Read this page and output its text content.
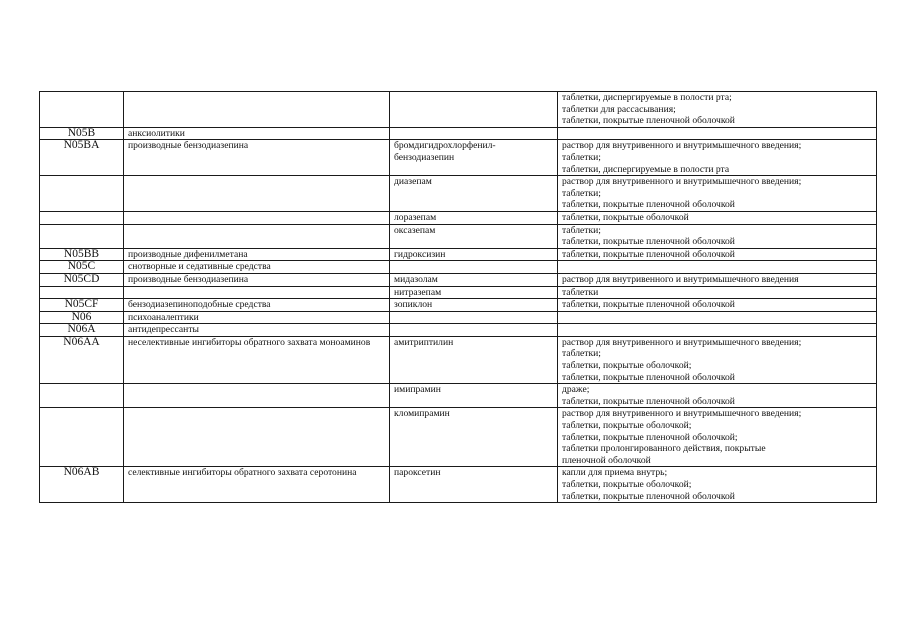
			таблетки, диспергируемые в полости рта;
таблетки для рассасывания;
таблетки, покрытые пленочной оболочкой

N05B	анксиолитики		
N05BA	производные бензодиазепина	бромдигидрохлорфенил-бензодиазепин	раствор для внутривенного и внутримышечного введения;
таблетки;
таблетки, диспергируемые в полости рта

		диазепам	раствор для внутривенного и внутримышечного введения;
таблетки;
таблетки, покрытые пленочной оболочкой

		лоразепам	таблетки, покрытые оболочкой

		оксазепам	таблетки;
таблетки, покрытые пленочной оболочкой

N05BB	производные дифенилметана	гидроксизин	таблетки, покрытые пленочной оболочкой

N05C	снотворные и седативные средства		
N05CD	производные бензодиазепина	мидазолам	раствор для внутривенного и внутримышечного введения

		нитразепам	таблетки

N05CF	бензодиазепиноподобные средства	зопиклон	таблетки, покрытые пленочной оболочкой

N06	психоаналептики		
N06A	антидепрессанты		
N06AA	неселективные ингибиторы обратного захвата моноаминов	амитриптилин	раствор для внутривенного и внутримышечного введения;
таблетки;
таблетки, покрытые оболочкой;
таблетки, покрытые пленочной оболочкой

		имипрамин	драже;
таблетки, покрытые пленочной оболочкой

		кломипрамин	раствор для внутривенного и внутримышечного введения;
таблетки, покрытые оболочкой;
таблетки, покрытые пленочной оболочкой;
таблетки пролонгированного действия, покрытые
пленочной оболочкой

N06AB	селективные ингибиторы обратного захвата серотонина	пароксетин	капли для приема внутрь;
таблетки, покрытые оболочкой;
таблетки, покрытые пленочной оболочкой
